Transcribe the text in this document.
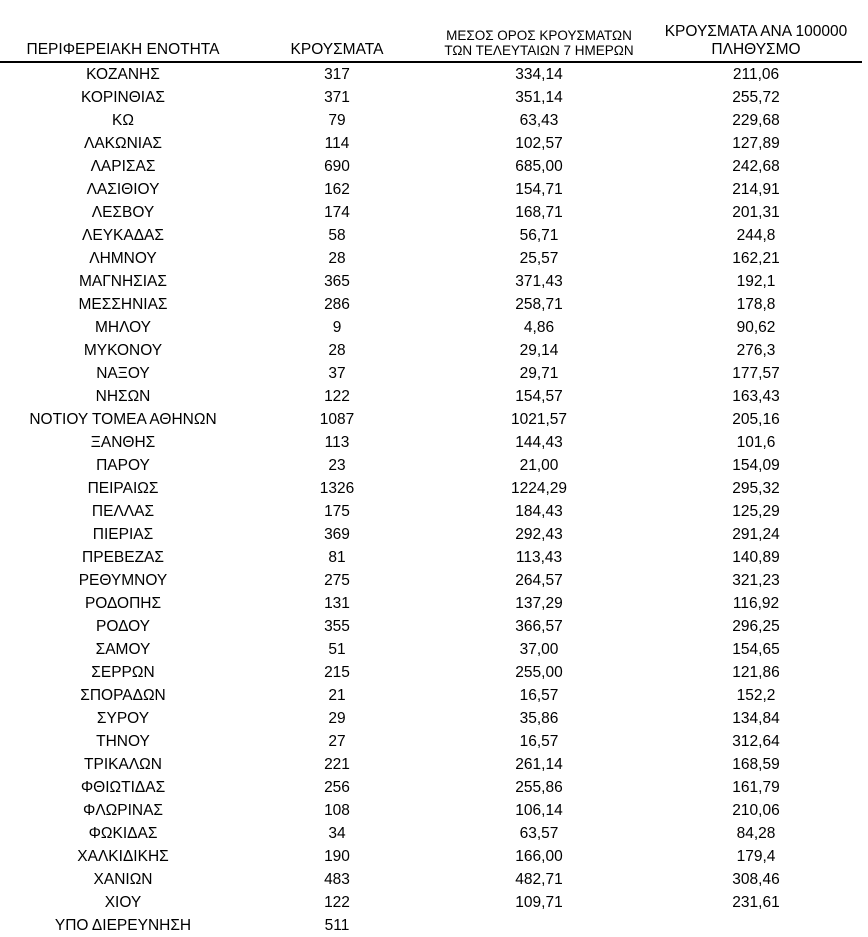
ΠΕΡΙΦΕΡΕΙΑΚΗ ΕΝΟΤΗΤΑ	ΚΡΟΥΣΜΑΤΑ	ΜΕΣΟΣ ΟΡΟΣ ΚΡΟΥΣΜΑΤΩΝ
ΤΩΝ ΤΕΛΕΥΤΑΙΩΝ 7 ΗΜΕΡΩΝ	ΚΡΟΥΣΜΑΤΑ ΑΝΑ 100000
ΠΛΗΘΥΣΜΟ

ΚΟΖΑΝΗΣ	317	334,14	211,06
ΚΟΡΙΝΘΙΑΣ	371	351,14	255,72
ΚΩ	79	63,43	229,68
ΛΑΚΩΝΙΑΣ	114	102,57	127,89
ΛΑΡΙΣΑΣ	690	685,00	242,68
ΛΑΣΙΘΙΟΥ	162	154,71	214,91
ΛΕΣΒΟΥ	174	168,71	201,31
ΛΕΥΚΑΔΑΣ	58	56,71	244,8
ΛΗΜΝΟΥ	28	25,57	162,21
ΜΑΓΝΗΣΙΑΣ	365	371,43	192,1
ΜΕΣΣΗΝΙΑΣ	286	258,71	178,8
ΜΗΛΟΥ	9	4,86	90,62
ΜΥΚΟΝΟΥ	28	29,14	276,3
ΝΑΞΟΥ	37	29,71	177,57
ΝΗΣΩΝ	122	154,57	163,43
ΝΟΤΙΟΥ ΤΟΜΕΑ ΑΘΗΝΩΝ	1087	1021,57	205,16
ΞΑΝΘΗΣ	113	144,43	101,6
ΠΑΡΟΥ	23	21,00	154,09
ΠΕΙΡΑΙΩΣ	1326	1224,29	295,32
ΠΕΛΛΑΣ	175	184,43	125,29
ΠΙΕΡΙΑΣ	369	292,43	291,24
ΠΡΕΒΕΖΑΣ	81	113,43	140,89
ΡΕΘΥΜΝΟΥ	275	264,57	321,23
ΡΟΔΟΠΗΣ	131	137,29	116,92
ΡΟΔΟΥ	355	366,57	296,25
ΣΑΜΟΥ	51	37,00	154,65
ΣΕΡΡΩΝ	215	255,00	121,86
ΣΠΟΡΑΔΩΝ	21	16,57	152,2
ΣΥΡΟΥ	29	35,86	134,84
ΤΗΝΟΥ	27	16,57	312,64
ΤΡΙΚΑΛΩΝ	221	261,14	168,59
ΦΘΙΩΤΙΔΑΣ	256	255,86	161,79
ΦΛΩΡΙΝΑΣ	108	106,14	210,06
ΦΩΚΙΔΑΣ	34	63,57	84,28
ΧΑΛΚΙΔΙΚΗΣ	190	166,00	179,4
ΧΑΝΙΩΝ	483	482,71	308,46
ΧΙΟΥ	122	109,71	231,61
ΥΠΟ ΔΙΕΡΕΥΝΗΣΗ	511		
